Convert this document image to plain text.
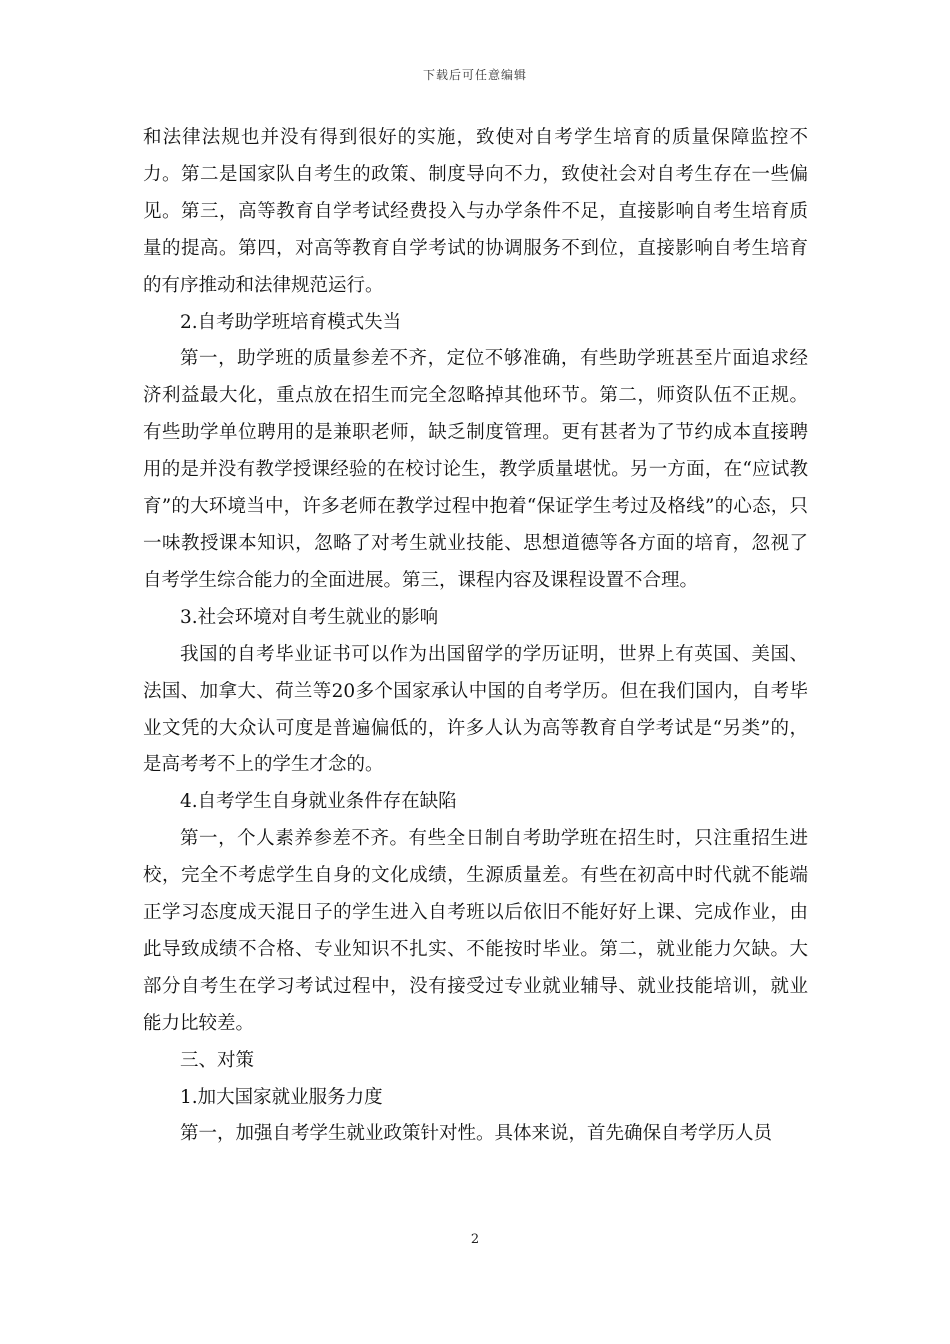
下载后可任意编辑

和法律法规也并没有得到很好的实施，致使对自考学生培育的质量保障监控不力。第二是国家队自考生的政策、制度导向不力，致使社会对自考生存在一些偏见。第三，高等教育自学考试经费投入与办学条件不足，直接影响自考生培育质量的提高。第四，对高等教育自学考试的协调服务不到位，直接影响自考生培育的有序推动和法律规范运行。

2.自考助学班培育模式失当

第一，助学班的质量参差不齐，定位不够准确，有些助学班甚至片面追求经济利益最大化，重点放在招生而完全忽略掉其他环节。第二，师资队伍不正规。有些助学单位聘用的是兼职老师，缺乏制度管理。更有甚者为了节约成本直接聘用的是并没有教学授课经验的在校讨论生，教学质量堪忧。另一方面，在“应试教育”的大环境当中，许多老师在教学过程中抱着“保证学生考过及格线”的心态，只一味教授课本知识，忽略了对考生就业技能、思想道德等各方面的培育，忽视了自考学生综合能力的全面进展。第三，课程内容及课程设置不合理。

3.社会环境对自考生就业的影响

我国的自考毕业证书可以作为出国留学的学历证明，世界上有英国、美国、法国、加拿大、荷兰等20多个国家承认中国的自考学历。但在我们国内，自考毕业文凭的大众认可度是普遍偏低的，许多人认为高等教育自学考试是“另类”的，是高考考不上的学生才念的。

4.自考学生自身就业条件存在缺陷

第一，个人素养参差不齐。有些全日制自考助学班在招生时，只注重招生进校，完全不考虑学生自身的文化成绩，生源质量差。有些在初高中时代就不能端正学习态度成天混日子的学生进入自考班以后依旧不能好好上课、完成作业，由此导致成绩不合格、专业知识不扎实、不能按时毕业。第二，就业能力欠缺。大部分自考生在学习考试过程中，没有接受过专业就业辅导、就业技能培训，就业能力比较差。

三、对策

1.加大国家就业服务力度

第一，加强自考学生就业政策针对性。具体来说，首先确保自考学历人员

2
